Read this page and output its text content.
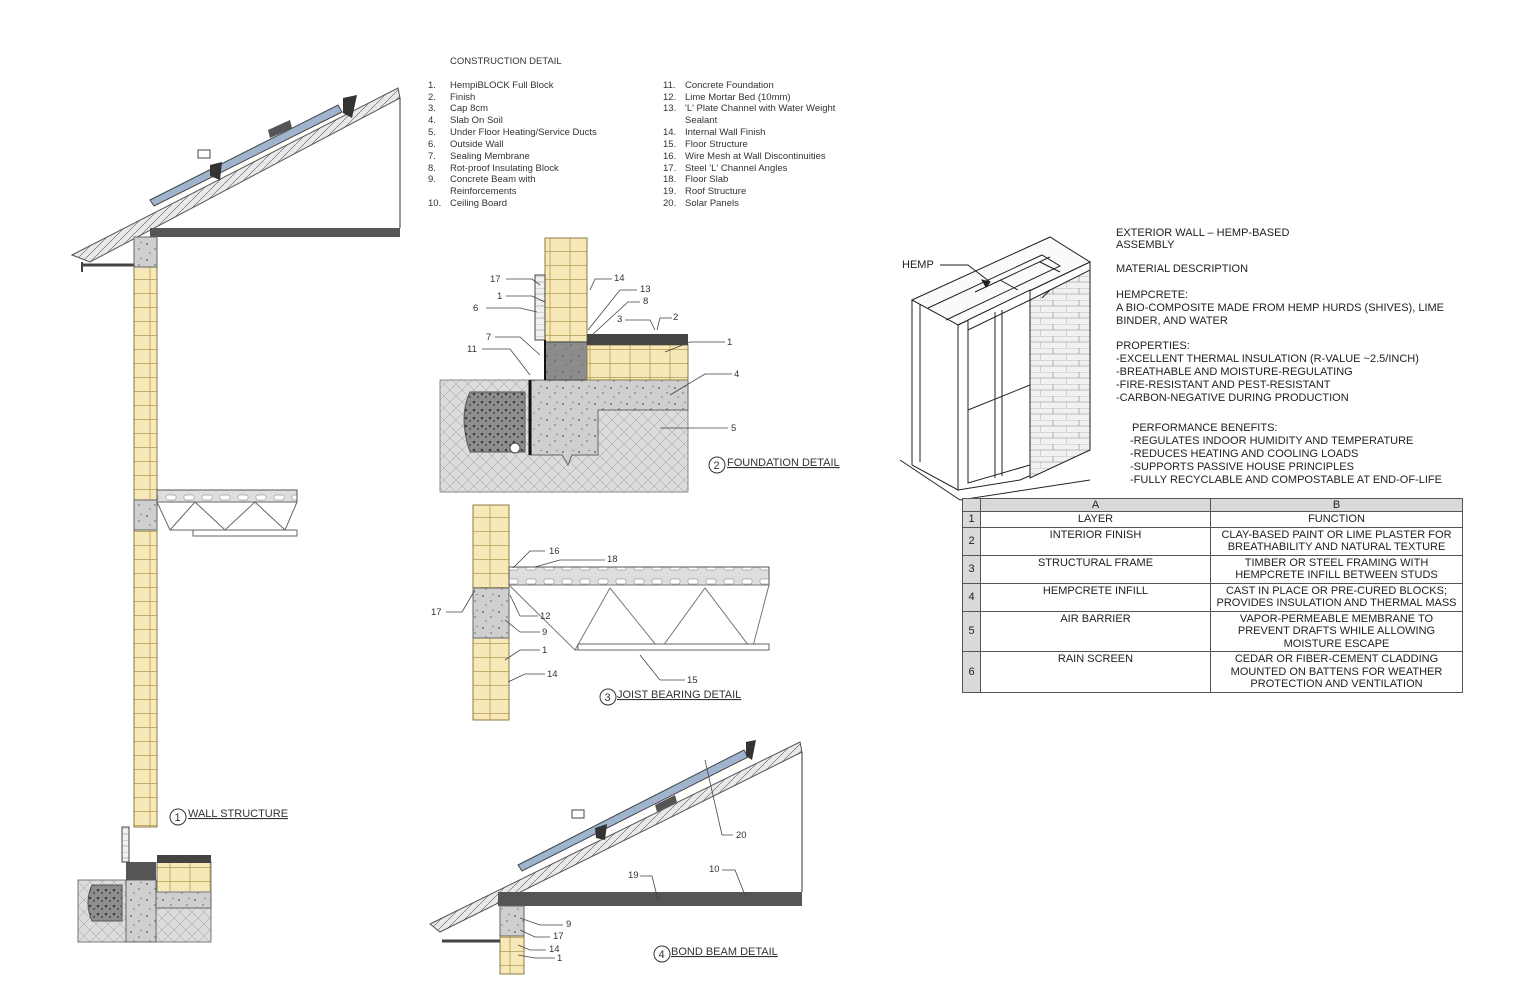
CONSTRUCTION DETAIL
1. HempiBLOCK Full Block
2. Finish
3. Cap 8cm
4. Slab On Soil
5. Under Floor Heating/Service Ducts
6. Outside Wall
7. Sealing Membrane
8. Rot-proof Insulating Block
9. Concrete Beam with
Reinforcements
10. Ceiling Board
11. Concrete Foundation
12. Lime Mortar Bed (10mm)
13. 'L' Plate Channel with Water Weight
Sealant
14. Internal Wall Finish
15. Floor Structure
16. Wire Mesh at Wall Discontinuities
17. Steel 'L' Channel Angles
18. Floor Slab
19. Roof Structure
20. Solar Panels
1 WALL STRUCTURE
17
1
6
14
13
8
3	2
7
11
1
4
5
2 FOUNDATION DETAIL
16
18
17	12
9
1
14
15
3 JOIST BEARING DETAIL
20
19
10
9
17
14
1	4 BOND BEAM DETAIL
HEMP
EXTERIOR WALL – HEMP-BASED
ASSEMBLY
MATERIAL DESCRIPTION
HEMPCRETE:
A BIO-COMPOSITE MADE FROM HEMP HURDS (SHIVES), LIME
BINDER, AND WATER
PROPERTIES:
-EXCELLENT THERMAL INSULATION (R-VALUE ~2.5/INCH)
-BREATHABLE AND MOISTURE-REGULATING
-FIRE-RESISTANT AND PEST-RESISTANT
-CARBON-NEGATIVE DURING PRODUCTION
PERFORMANCE BENEFITS:
-REGULATES INDOOR HUMIDITY AND TEMPERATURE
-REDUCES HEATING AND COOLING LOADS
-SUPPORTS PASSIVE HOUSE PRINCIPLES
-FULLY RECYCLABLE AND COMPOSTABLE AT END-OF-LIFE
	A	B
1	LAYER	FUNCTION
2	INTERIOR FINISH	CLAY-BASED PAINT OR LIME PLASTER FOR BREATHABILITY AND NATURAL TEXTURE
3	STRUCTURAL FRAME	TIMBER OR STEEL FRAMING WITH HEMPCRETE INFILL BETWEEN STUDS
4	HEMPCRETE INFILL	CAST IN PLACE OR PRE-CURED BLOCKS; PROVIDES INSULATION AND THERMAL MASS
5	AIR BARRIER	VAPOR-PERMEABLE MEMBRANE TO PREVENT DRAFTS WHILE ALLOWING MOISTURE ESCAPE
6	RAIN SCREEN	CEDAR OR FIBER-CEMENT CLADDING MOUNTED ON BATTENS FOR WEATHER PROTECTION AND VENTILATION
